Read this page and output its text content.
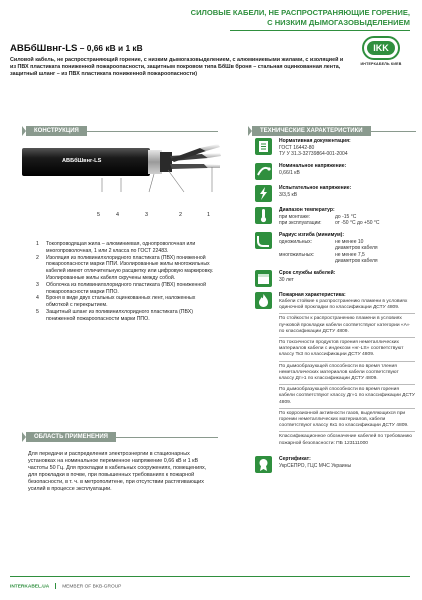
СИЛОВЫЕ КАБЕЛИ, НЕ РАСПРОСТРАНЯЮЩИЕ ГОРЕНИЕ,
С НИЗКИМ ДЫМОГАЗОВЫДЕЛЕНИЕМ
АВБбШвнг-LS – 0,66 кВ и 1 кВ
Силовой кабель, не распространяющий горение, с низким дымогазовыделением, с алюминиевыми жилами, с изоляцией и из ПВХ пластиката пониженной пожароопасности, защитным покровом типа БбШв броня – стальная оцинкованная лента, защитный шланг – из ПВХ пластиката пониженной пожароопасности)
IKK
ИНТЕРКАБЕЛЬ КИЕВ
КОНСТРУКЦИЯ	ТЕХНИЧЕСКИЕ ХАРАКТЕРИСТИКИ
АВБбШвнг-LS
5	4	3	2	1
1	Токопроводящая жила – алюминиевая, однопроволочная или многопроволочная, 1 или 2 класса по ГОСТ 22483.
2	Изоляция из поливинилхлоридного пластиката (ПВХ) пониженной пожароопасности марки ППИ. Изолированные жилы многожильных кабелей имеют отличительную расцветку или цифровую маркировку. Изолированные жилы кабеля скручены между собой.
3	Оболочка из поливинилхлоридного пластиката (ПВХ) пониженной пожароопасности марки ППО.
4	Броня в виде двух стальных оцинкованных лент, наложенных обмоткой с перекрытием.
5	Защитный шланг из поливинилхлоридного пластиката (ПВХ) пониженной пожароопасности марки ППО.
ОБЛАСТЬ ПРИМЕНЕНИЯ
Для передачи и распределения электроэнергии в стационарных установках на номинальное переменное напряжение 0,66 кВ и 1 кВ частоты 50 Гц. Для прокладки в кабельных сооружениях, помещениях, для прокладки в почве, при повышенных требованиях к пожарной безопасности, в т. ч. в метрополитене, при отсутствии растягивающих усилий в процессе эксплуатации.
Нормативная документация:
ГОСТ 16442-80
ТУ У 31.3-32739864-001-2004
Номинальное напряжение:
0,66/1 кВ
Испытательное напряжение:
3/3,5 кВ
Диапазон температур:
при монтаже:	до -15 °C
при эксплуатации:	от -50 °C до +50 °C
Радиус изгиба (минимум):
одножильных:	не менее 10
диаметров кабеля
многожильных:	не менее 7,5
диаметров кабеля
Срок службы кабелей:
30 лет
Пожарная характеристика:
Кабели стойкие к распространению пламени в условиях одиночной прокладки по классификации ДСТУ 4809.
По стойкости к распространению пламени в условиях пучковой прокладки кабели соответствуют категории «А» по классификации ДСТУ 4809.
По токсичности продуктов горения неметаллических материалов кабели с индексом «нг-LS» соответствуют классу Тк3 по классификации ДСТУ 4809.
По дымообразующей способности во время тления неметаллических материалов кабели соответствуют классу Дт»1 по классификации ДСТУ 4809.
По дымообразующей способности во время горения кабели соответствуют классу Дг»1 по классификации ДСТУ 4809.
По коррозионной активности газов, выделяющихся при горении неметаллических материалов, кабели соответствуют классу Кк1 по классификации ДСТУ 4809.
Классификационное обозначение кабелей по требованию пожарной безопасности: ПБ 123111000
Сертификат:
УкрСЕПРО, ГЦС МЧС Украины
INTERKABEL.UA	MEMBER OF BKB-GROUP
